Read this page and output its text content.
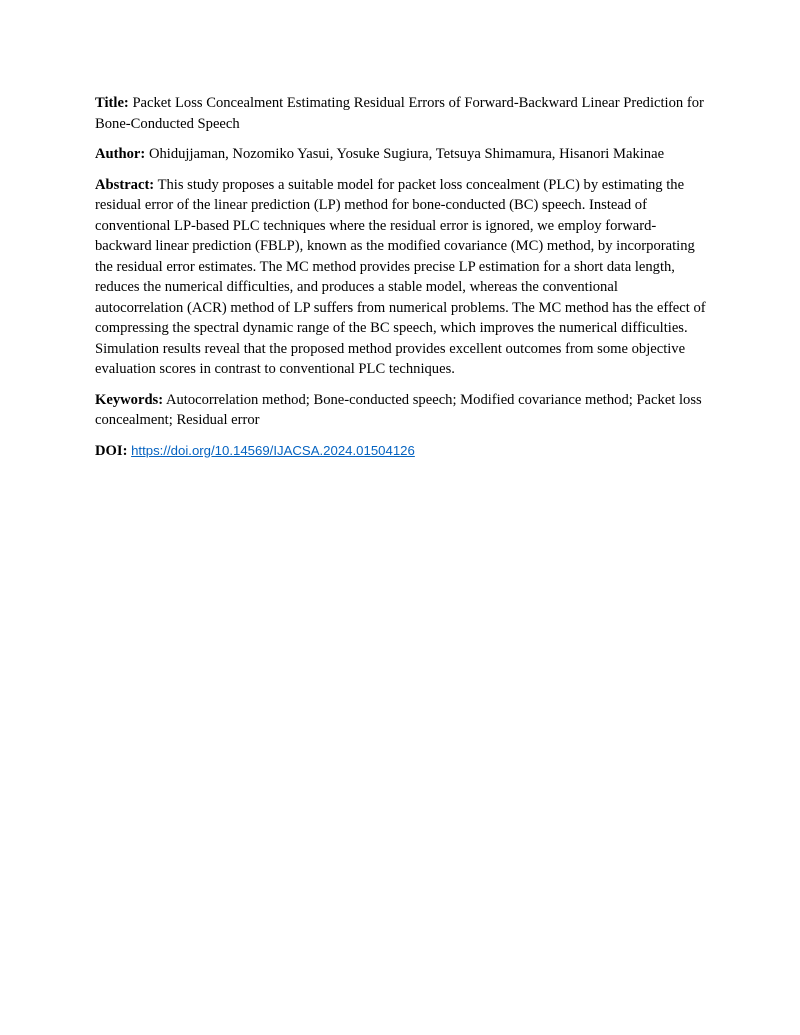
Title: Packet Loss Concealment Estimating Residual Errors of Forward-Backward Linear Prediction for Bone-Conducted Speech

Author: Ohidujjaman, Nozomiko Yasui, Yosuke Sugiura, Tetsuya Shimamura, Hisanori Makinae

Abstract: This study proposes a suitable model for packet loss concealment (PLC) by estimating the residual error of the linear prediction (LP) method for bone-conducted (BC) speech. Instead of conventional LP-based PLC techniques where the residual error is ignored, we employ forward-backward linear prediction (FBLP), known as the modified covariance (MC) method, by incorporating the residual error estimates. The MC method provides precise LP estimation for a short data length, reduces the numerical difficulties, and produces a stable model, whereas the conventional autocorrelation (ACR) method of LP suffers from numerical problems. The MC method has the effect of compressing the spectral dynamic range of the BC speech, which improves the numerical difficulties. Simulation results reveal that the proposed method provides excellent outcomes from some objective evaluation scores in contrast to conventional PLC techniques.

Keywords: Autocorrelation method; Bone-conducted speech; Modified covariance method; Packet loss concealment; Residual error

DOI: https://doi.org/10.14569/IJACSA.2024.01504126
